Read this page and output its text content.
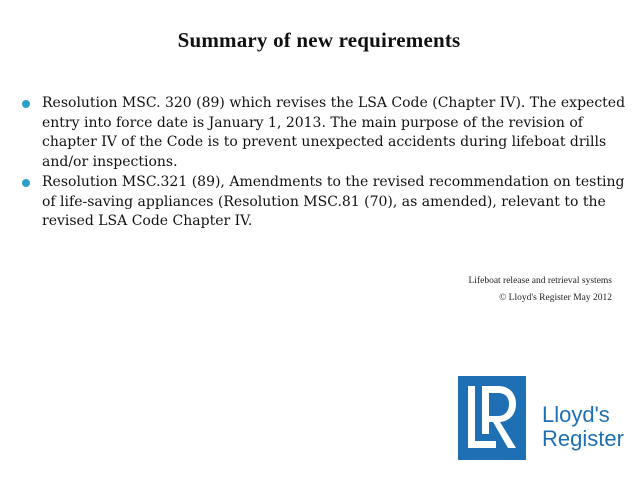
Summary of new requirements
Resolution MSC. 320 (89) which revises the LSA Code (Chapter IV). The expected entry into force date is January 1, 2013. The main purpose of the revision of chapter IV of the Code is to prevent unexpected accidents during lifeboat drills and/or inspections.
Resolution MSC.321 (89), Amendments to the revised recommendation on testing of life-saving appliances (Resolution MSC.81 (70), as amended), relevant to the revised LSA Code Chapter IV.
Lifeboat release and retrieval systems
© Lloyd's Register May 2012
Lloyd's
Register
